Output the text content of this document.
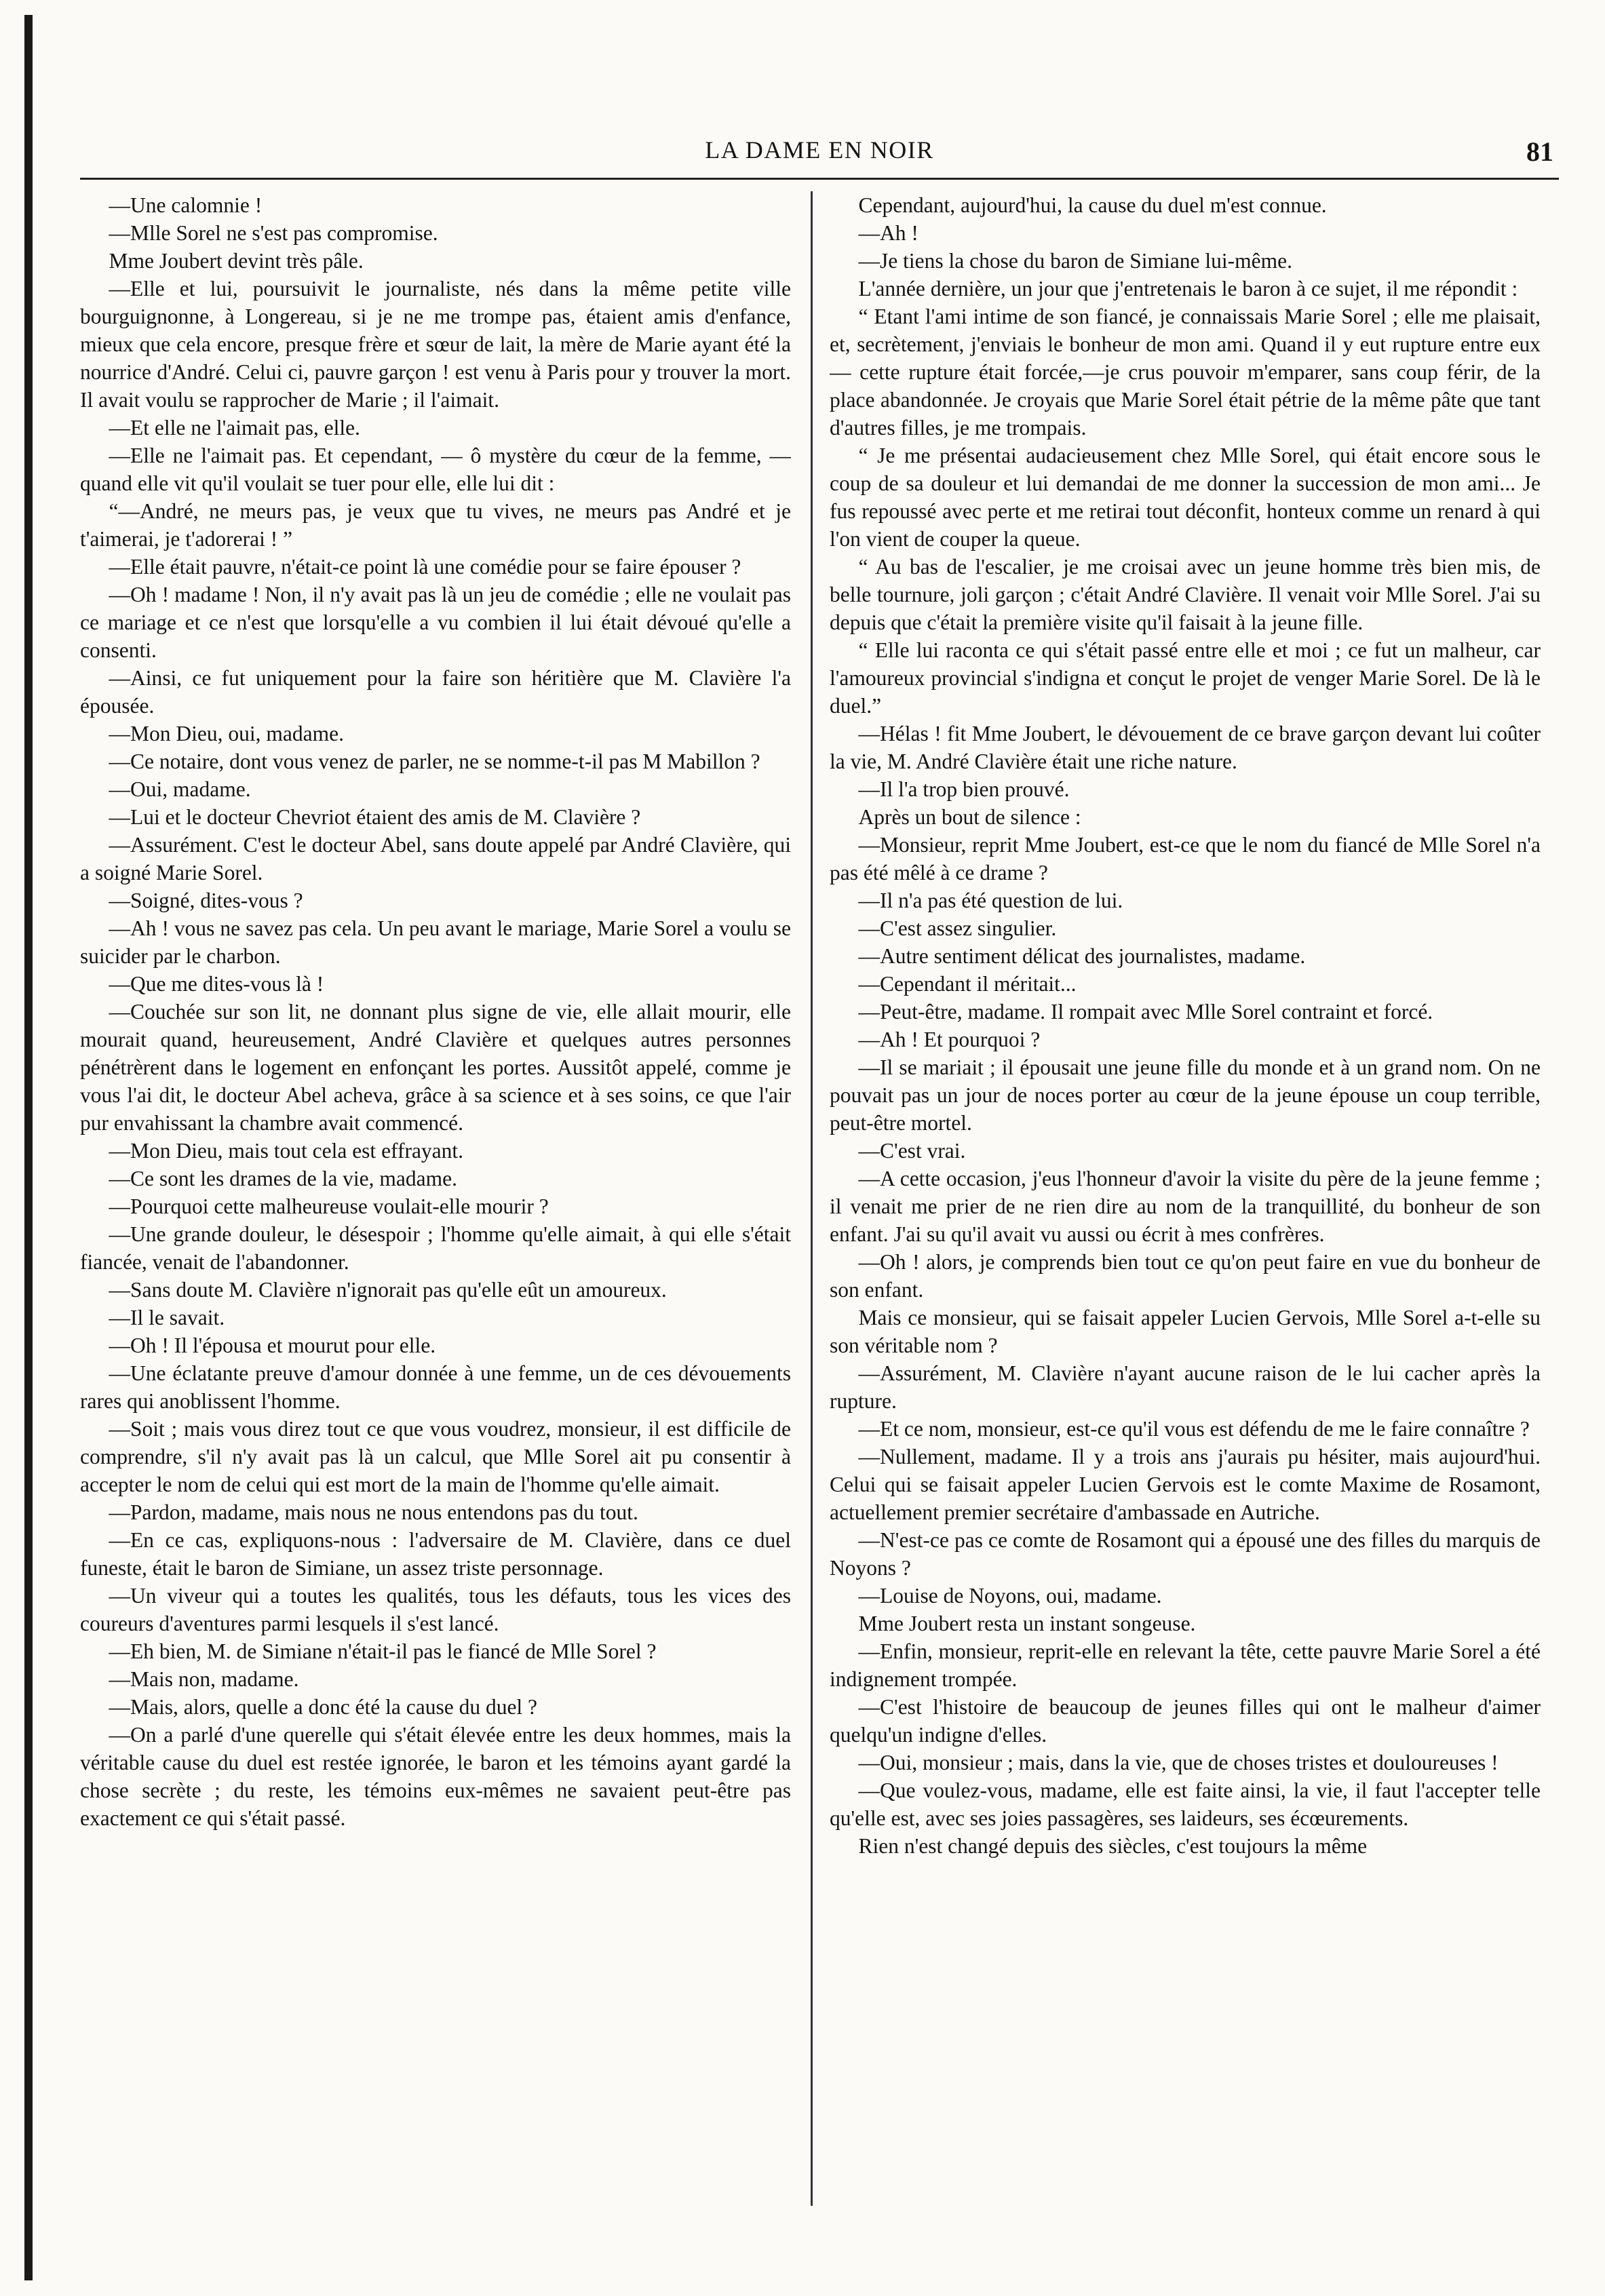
LA DAME EN NOIR	81

—Une calomnie !

—Mlle Sorel ne s'est pas compromise.

Mme Joubert devint très pâle.

—Elle et lui, poursuivit le journaliste, nés dans la même petite ville bourguignonne, à Longereau, si je ne me trompe pas, étaient amis d'enfance, mieux que cela encore, presque frère et sœur de lait, la mère de Marie ayant été la nourrice d'André. Celui ci, pauvre garçon ! est venu à Paris pour y trouver la mort. Il avait voulu se rapprocher de Marie ; il l'aimait.

—Et elle ne l'aimait pas, elle.

—Elle ne l'aimait pas. Et cependant, — ô mystère du cœur de la femme, — quand elle vit qu'il voulait se tuer pour elle, elle lui dit :

“—André, ne meurs pas, je veux que tu vives, ne meurs pas André et je t'aimerai, je t'adorerai ! ”

—Elle était pauvre, n'était-ce point là une comédie pour se faire épouser ?

—Oh ! madame ! Non, il n'y avait pas là un jeu de comédie ; elle ne voulait pas ce mariage et ce n'est que lorsqu'elle a vu combien il lui était dévoué qu'elle a consenti.

—Ainsi, ce fut uniquement pour la faire son héritière que M. Clavière l'a épousée.

—Mon Dieu, oui, madame.

—Ce notaire, dont vous venez de parler, ne se nomme-t-il pas M Mabillon ?

—Oui, madame.

—Lui et le docteur Chevriot étaient des amis de M. Clavière ?

—Assurément. C'est le docteur Abel, sans doute appelé par André Clavière, qui a soigné Marie Sorel.

—Soigné, dites-vous ?

—Ah ! vous ne savez pas cela. Un peu avant le mariage, Marie Sorel a voulu se suicider par le charbon.

—Que me dites-vous là !

—Couchée sur son lit, ne donnant plus signe de vie, elle allait mourir, elle mourait quand, heureusement, André Clavière et quelques autres personnes pénétrèrent dans le logement en enfonçant les portes. Aussitôt appelé, comme je vous l'ai dit, le docteur Abel acheva, grâce à sa science et à ses soins, ce que l'air pur envahissant la chambre avait commencé.

—Mon Dieu, mais tout cela est effrayant.

—Ce sont les drames de la vie, madame.

—Pourquoi cette malheureuse voulait-elle mourir ?

—Une grande douleur, le désespoir ; l'homme qu'elle aimait, à qui elle s'était fiancée, venait de l'abandonner.

—Sans doute M. Clavière n'ignorait pas qu'elle eût un amoureux.

—Il le savait.

—Oh ! Il l'épousa et mourut pour elle.

—Une éclatante preuve d'amour donnée à une femme, un de ces dévouements rares qui anoblissent l'homme.

—Soit ; mais vous direz tout ce que vous voudrez, monsieur, il est difficile de comprendre, s'il n'y avait pas là un calcul, que Mlle Sorel ait pu consentir à accepter le nom de celui qui est mort de la main de l'homme qu'elle aimait.

—Pardon, madame, mais nous ne nous entendons pas du tout.

—En ce cas, expliquons-nous : l'adversaire de M. Clavière, dans ce duel funeste, était le baron de Simiane, un assez triste personnage.

—Un viveur qui a toutes les qualités, tous les défauts, tous les vices des coureurs d'aventures parmi lesquels il s'est lancé.

—Eh bien, M. de Simiane n'était-il pas le fiancé de Mlle Sorel ?

—Mais non, madame.

—Mais, alors, quelle a donc été la cause du duel ?

—On a parlé d'une querelle qui s'était élevée entre les deux hommes, mais la véritable cause du duel est restée ignorée, le baron et les témoins ayant gardé la chose secrète ; du reste, les témoins eux-mêmes ne savaient peut-être pas exactement ce qui s'était passé.

Cependant, aujourd'hui, la cause du duel m'est connue.

—Ah !

—Je tiens la chose du baron de Simiane lui-même.

L'année dernière, un jour que j'entretenais le baron à ce sujet, il me répondit :

“ Etant l'ami intime de son fiancé, je connaissais Marie Sorel ; elle me plaisait, et, secrètement, j'enviais le bonheur de mon ami. Quand il y eut rupture entre eux — cette rupture était forcée,—je crus pouvoir m'emparer, sans coup férir, de la place abandonnée. Je croyais que Marie Sorel était pétrie de la même pâte que tant d'autres filles, je me trompais.

“ Je me présentai audacieusement chez Mlle Sorel, qui était encore sous le coup de sa douleur et lui demandai de me donner la succession de mon ami... Je fus repoussé avec perte et me retirai tout déconfit, honteux comme un renard à qui l'on vient de couper la queue.

“ Au bas de l'escalier, je me croisai avec un jeune homme très bien mis, de belle tournure, joli garçon ; c'était André Clavière. Il venait voir Mlle Sorel. J'ai su depuis que c'était la première visite qu'il faisait à la jeune fille.

“ Elle lui raconta ce qui s'était passé entre elle et moi ; ce fut un malheur, car l'amoureux provincial s'indigna et conçut le projet de venger Marie Sorel. De là le duel.”

—Hélas ! fit Mme Joubert, le dévouement de ce brave garçon devant lui coûter la vie, M. André Clavière était une riche nature.

—Il l'a trop bien prouvé.

Après un bout de silence :

—Monsieur, reprit Mme Joubert, est-ce que le nom du fiancé de Mlle Sorel n'a pas été mêlé à ce drame ?

—Il n'a pas été question de lui.

—C'est assez singulier.

—Autre sentiment délicat des journalistes, madame.

—Cependant il méritait...

—Peut-être, madame. Il rompait avec Mlle Sorel contraint et forcé.

—Ah ! Et pourquoi ?

—Il se mariait ; il épousait une jeune fille du monde et à un grand nom. On ne pouvait pas un jour de noces porter au cœur de la jeune épouse un coup terrible, peut-être mortel.

—C'est vrai.

—A cette occasion, j'eus l'honneur d'avoir la visite du père de la jeune femme ; il venait me prier de ne rien dire au nom de la tranquillité, du bonheur de son enfant. J'ai su qu'il avait vu aussi ou écrit à mes confrères.

—Oh ! alors, je comprends bien tout ce qu'on peut faire en vue du bonheur de son enfant.

Mais ce monsieur, qui se faisait appeler Lucien Gervois, Mlle Sorel a-t-elle su son véritable nom ?

—Assurément, M. Clavière n'ayant aucune raison de le lui cacher après la rupture.

—Et ce nom, monsieur, est-ce qu'il vous est défendu de me le faire connaître ?

—Nullement, madame. Il y a trois ans j'aurais pu hésiter, mais aujourd'hui. Celui qui se faisait appeler Lucien Gervois est le comte Maxime de Rosamont, actuellement premier secrétaire d'ambassade en Autriche.

—N'est-ce pas ce comte de Rosamont qui a épousé une des filles du marquis de Noyons ?

—Louise de Noyons, oui, madame.

Mme Joubert resta un instant songeuse.

—Enfin, monsieur, reprit-elle en relevant la tête, cette pauvre Marie Sorel a été indignement trompée.

—C'est l'histoire de beaucoup de jeunes filles qui ont le malheur d'aimer quelqu'un indigne d'elles.

—Oui, monsieur ; mais, dans la vie, que de choses tristes et douloureuses !

—Que voulez-vous, madame, elle est faite ainsi, la vie, il faut l'accepter telle qu'elle est, avec ses joies passagères, ses laideurs, ses écœurements.

Rien n'est changé depuis des siècles, c'est toujours la même
